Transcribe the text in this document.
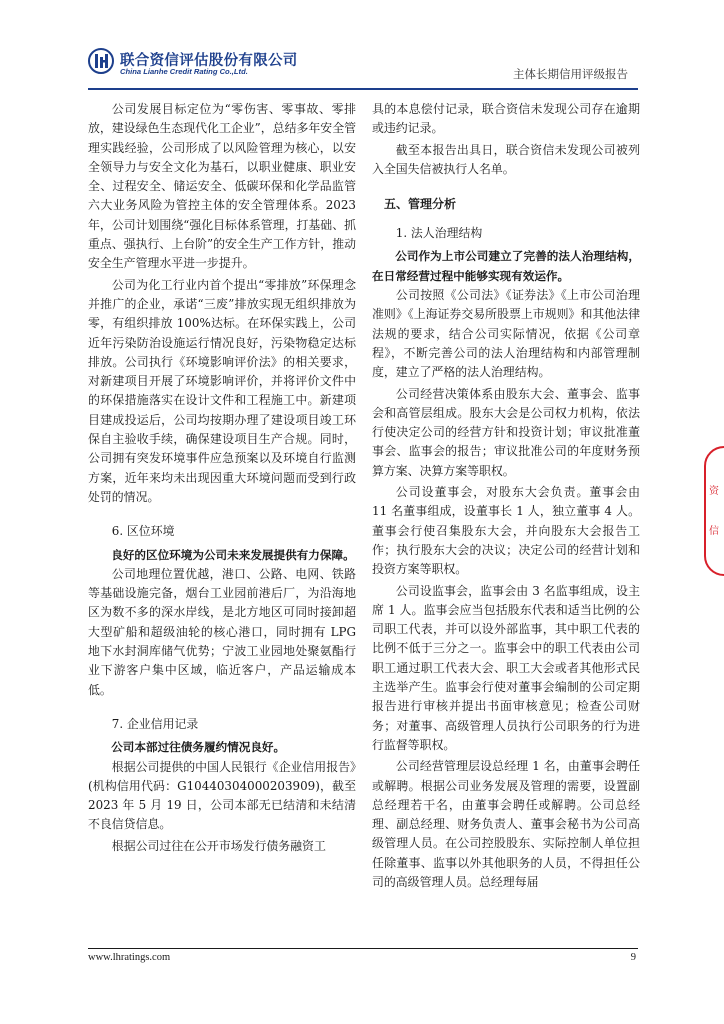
联合资信评估股份有限公司
China Lianhe Credit Rating Co.,Ltd.	主体长期信用评级报告

公司发展目标定位为“零伤害、零事故、零排放，建设绿色生态现代化工企业”，总结多年安全管理实践经验，公司形成了以风险管理为核心，以安全领导力与安全文化为基石，以职业健康、职业安全、过程安全、储运安全、低碳环保和化学品监管六大业务风险为管控主体的安全管理体系。2023 年，公司计划围绕“强化目标体系管理，打基础、抓重点、强执行、上台阶”的安全生产工作方针，推动安全生产管理水平进一步提升。

公司为化工行业内首个提出“零排放”环保理念并推广的企业，承诺“三废”排放实现无组织排放为零，有组织排放 100%达标。在环保实践上，公司近年污染防治设施运行情况良好，污染物稳定达标排放。公司执行《环境影响评价法》的相关要求，对新建项目开展了环境影响评价，并将评价文件中的环保措施落实在设计文件和工程施工中。新建项目建成投运后，公司均按期办理了建设项目竣工环保自主验收手续，确保建设项目生产合规。同时，公司拥有突发环境事件应急预案以及环境自行监测方案，近年来均未出现因重大环境问题而受到行政处罚的情况。

6. 区位环境

良好的区位环境为公司未来发展提供有力保障。

公司地理位置优越，港口、公路、电网、铁路等基础设施完备，烟台工业园前港后厂，为沿海地区为数不多的深水岸线，是北方地区可同时接卸超大型矿船和超级油轮的核心港口，同时拥有 LPG 地下水封洞库储气优势；宁波工业园地处聚氨酯行业下游客户集中区域，临近客户，产品运输成本低。

7. 企业信用记录

公司本部过往债务履约情况良好。

根据公司提供的中国人民银行《企业信用报告》(机构信用代码：G10440304000203909)，截至 2023 年 5 月 19 日，公司本部无已结清和未结清不良信贷信息。

根据公司过往在公开市场发行债务融资工

具的本息偿付记录，联合资信未发现公司存在逾期或违约记录。

截至本报告出具日，联合资信未发现公司被列入全国失信被执行人名单。

五、管理分析
1. 法人治理结构

公司作为上市公司建立了完善的法人治理结构，在日常经营过程中能够实现有效运作。

公司按照《公司法》《证券法》《上市公司治理准则》《上海证券交易所股票上市规则》和其他法律法规的要求，结合公司实际情况，依据《公司章程》，不断完善公司的法人治理结构和内部管理制度，建立了严格的法人治理结构。

公司经营决策体系由股东大会、董事会、监事会和高管层组成。股东大会是公司权力机构，依法行使决定公司的经营方针和投资计划；审议批准董事会、监事会的报告；审议批准公司的年度财务预算方案、决算方案等职权。

公司设董事会，对股东大会负责。董事会由 11 名董事组成，设董事长 1 人，独立董事 4 人。董事会行使召集股东大会，并向股东大会报告工作；执行股东大会的决议；决定公司的经营计划和投资方案等职权。

公司设监事会，监事会由 3 名监事组成，设主席 1 人。监事会应当包括股东代表和适当比例的公司职工代表，并可以设外部监事，其中职工代表的比例不低于三分之一。监事会中的职工代表由公司职工通过职工代表大会、职工大会或者其他形式民主选举产生。监事会行使对董事会编制的公司定期报告进行审核并提出书面审核意见；检查公司财务；对董事、高级管理人员执行公司职务的行为进行监督等职权。

公司经营管理层设总经理 1 名，由董事会聘任或解聘。根据公司业务发展及管理的需要，设置副总经理若干名，由董事会聘任或解聘。公司总经理、副总经理、财务负责人、董事会秘书为公司高级管理人员。在公司控股股东、实际控制人单位担任除董事、监事以外其他职务的人员，不得担任公司的高级管理人员。总经理每届

资
信
www.lhratings.com	9
